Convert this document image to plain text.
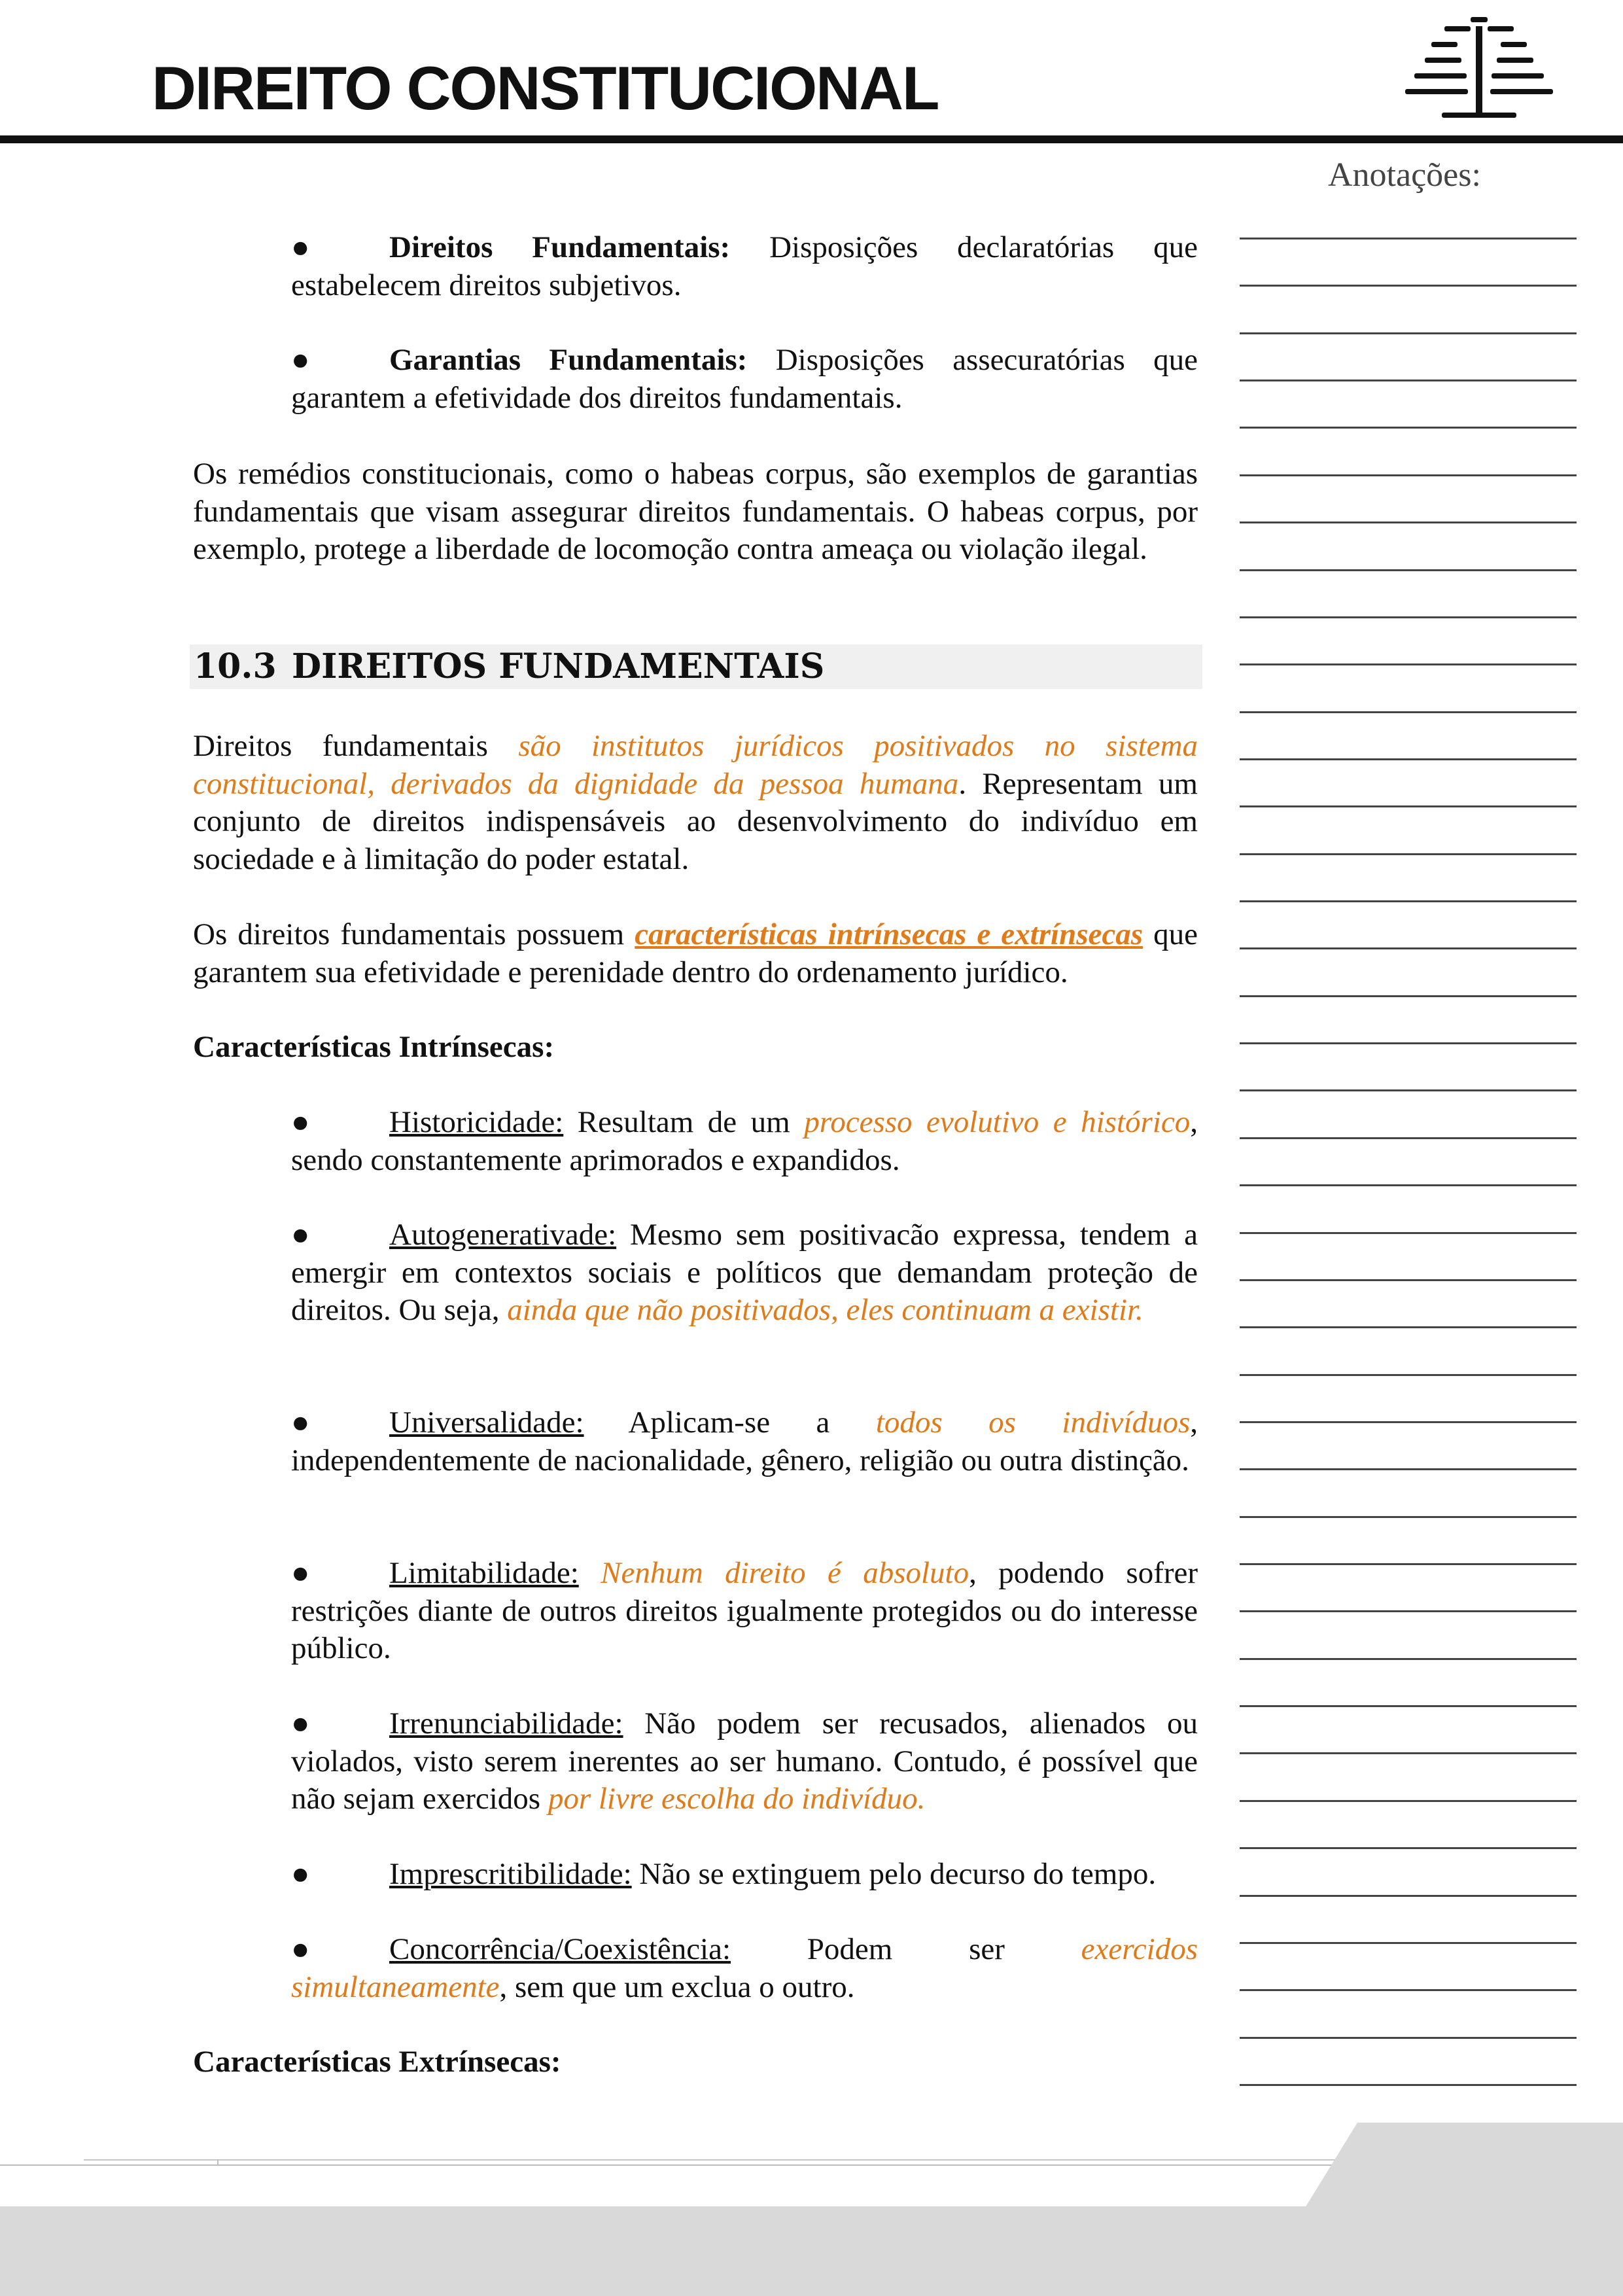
DIREITO CONSTITUCIONAL
Anotações:

●	Direitos Fundamentais: Disposições declaratórias que estabelecem direitos subjetivos.

●	Garantias Fundamentais: Disposições assecuratórias que garantem a efetividade dos direitos fundamentais.

Os remédios constitucionais, como o habeas corpus, são exemplos de garantias fundamentais que visam assegurar direitos fundamentais. O habeas corpus, por exemplo, protege a liberdade de locomoção contra ameaça ou violação ilegal.

10.3 DIREITOS FUNDAMENTAIS

Direitos fundamentais são institutos jurídicos positivados no sistema constitucional, derivados da dignidade da pessoa humana. Representam um conjunto de direitos indispensáveis ao desenvolvimento do indivíduo em sociedade e à limitação do poder estatal.

Os direitos fundamentais possuem características intrínsecas e extrínsecas que garantem sua efetividade e perenidade dentro do ordenamento jurídico.

Características Intrínsecas:

●	Historicidade: Resultam de um processo evolutivo e histórico, sendo constantemente aprimorados e expandidos.

●	Autogenerativade: Mesmo sem positivacão expressa, tendem a emergir em contextos sociais e políticos que demandam proteção de direitos. Ou seja, ainda que não positivados, eles continuam a existir.

●	Universalidade: Aplicam-se a todos os indivíduos, independentemente de nacionalidade, gênero, religião ou outra distinção.

●	Limitabilidade: Nenhum direito é absoluto, podendo sofrer restrições diante de outros direitos igualmente protegidos ou do interesse público.

●	Irrenunciabilidade: Não podem ser recusados, alienados ou violados, visto serem inerentes ao ser humano. Contudo, é possível que não sejam exercidos por livre escolha do indivíduo.

●	Imprescritibilidade: Não se extinguem pelo decurso do tempo.

●	Concorrência/Coexistência: Podem ser exercidos simultaneamente, sem que um exclua o outro.

Características Extrínsecas:
